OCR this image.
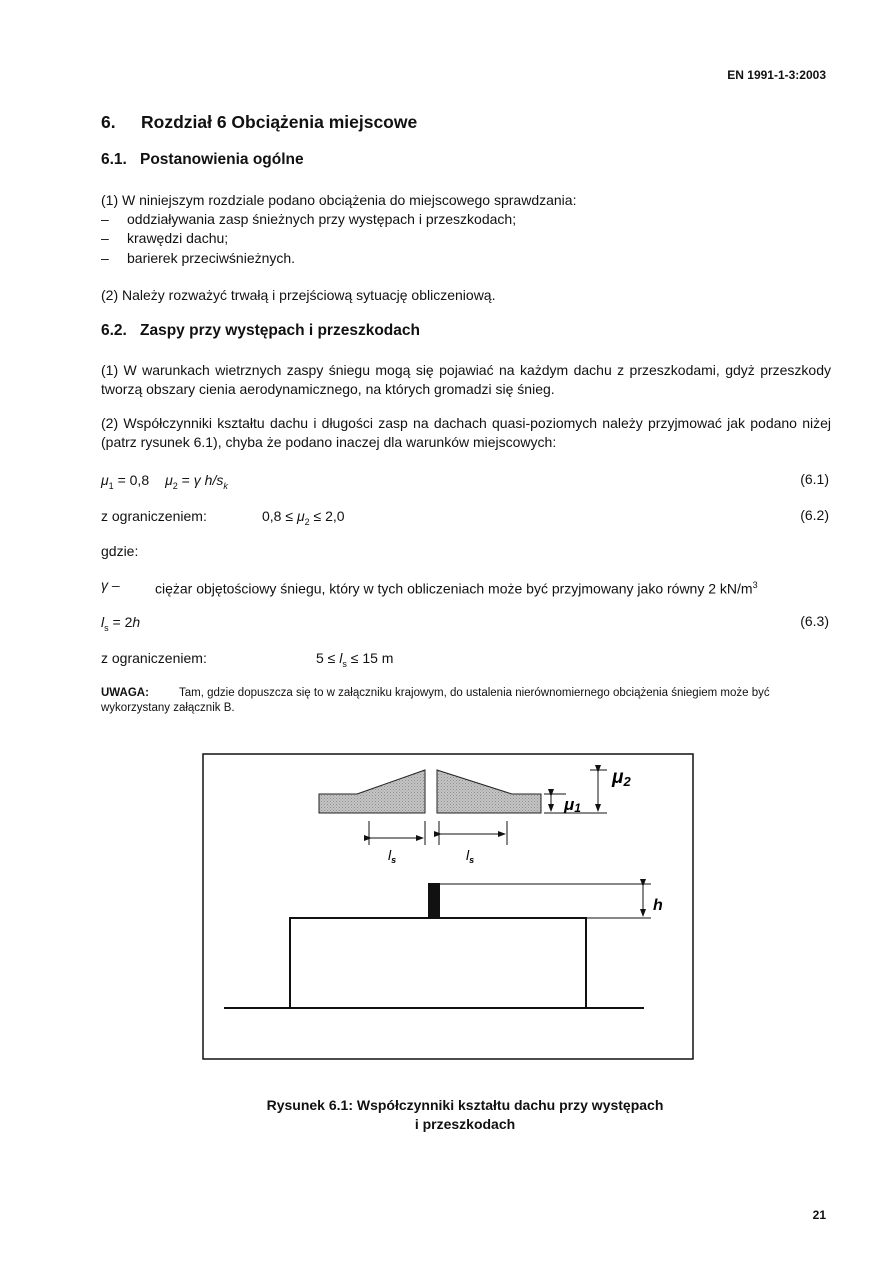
EN 1991-1-3:2003
6. Rozdział 6 Obciążenia miejscowe
6.1. Postanowienia ogólne
(1) W niniejszym rozdziale podano obciążenia do miejscowego sprawdzania:
– oddziaływania zasp śnieżnych przy występach i przeszkodach;
– krawędzi dachu;
– barierek przeciwśnieżnych.
(2) Należy rozważyć trwałą i przejściową sytuację obliczeniową.
6.2. Zaspy przy występach i przeszkodach
(1) W warunkach wietrznych zaspy śniegu mogą się pojawiać na każdym dachu z przeszkodami, gdyż przeszkody tworzą obszary cienia aerodynamicznego, na których gromadzi się śnieg.
(2) Współczynniki kształtu dachu i długości zasp na dachach quasi-poziomych należy przyjmować jak podano niżej (patrz rysunek 6.1), chyba że podano inaczej dla warunków miejscowych:
$\mu_1 = 0,8$ $\mu_2 = \gamma$ $h/s_k$	(6.1)
z ograniczeniem:	$0,8 \le \mu_2 \le 2,0$	(6.2)
gdzie:
γ –	ciężar objętościowy śniegu, który w tych obliczeniach może być przyjmowany jako równy 2 $kN/m^3$
$l_s = 2h$	(6.3)
z ograniczeniem:	$5 \le l_s \le 15$ m
UWAGA:	Tam, gdzie dopuszcza się to w załączniku krajowym, do ustalenia nierównomiernego obciążenia śniegiem może być wykorzystany załącznik B.
μ2
μ1
$l_s$	$l_s$
h
Rysunek 6.1: Współczynniki kształtu dachu przy występach
i przeszkodach
21
